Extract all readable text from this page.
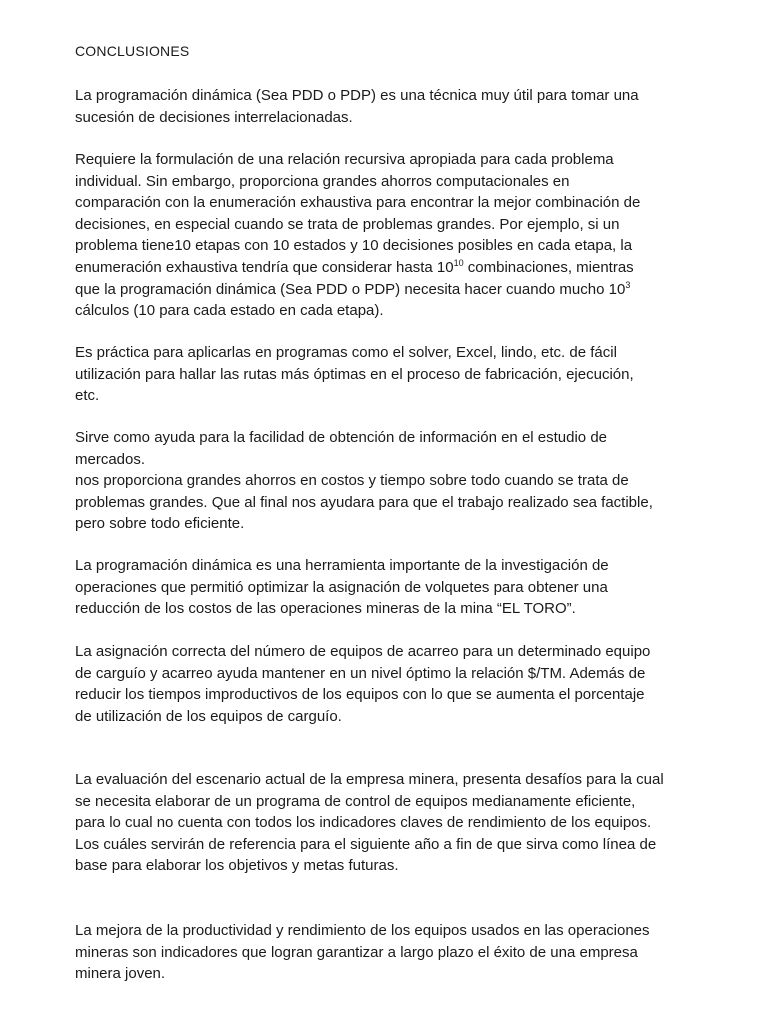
CONCLUSIONES

La programación dinámica (Sea PDD o PDP) es una técnica muy útil para tomar una
sucesión de decisiones interrelacionadas.

Requiere la formulación de una relación recursiva apropiada para cada problema
individual. Sin embargo, proporciona grandes ahorros computacionales en
comparación con la enumeración exhaustiva para encontrar la mejor combinación de
decisiones, en especial cuando se trata de problemas grandes. Por ejemplo, si un
problema tiene10 etapas con 10 estados y 10 decisiones posibles en cada etapa, la
enumeración exhaustiva tendría que considerar hasta $10^{10}$ combinaciones, mientras
que la programación dinámica (Sea PDD o PDP) necesita hacer cuando mucho $10^3$
cálculos (10 para cada estado en cada etapa).

Es práctica para aplicarlas en programas como el solver, Excel, lindo, etc. de fácil
utilización para hallar las rutas más óptimas en el proceso de fabricación, ejecución,
etc.

Sirve como ayuda para la facilidad de obtención de información en el estudio de
mercados.
nos proporciona grandes ahorros en costos y tiempo sobre todo cuando se trata de
problemas grandes. Que al final nos ayudara para que el trabajo realizado sea factible,
pero sobre todo eficiente.

La programación dinámica es una herramienta importante de la investigación de
operaciones que permitió optimizar la asignación de volquetes para obtener una
reducción de los costos de las operaciones mineras de la mina “EL TORO”.

La asignación correcta del número de equipos de acarreo para un determinado equipo
de carguío y acarreo ayuda mantener en un nivel óptimo la relación $/TM. Además de
reducir los tiempos improductivos de los equipos con lo que se aumenta el porcentaje
de utilización de los equipos de carguío.

La evaluación del escenario actual de la empresa minera, presenta desafíos para la cual
se necesita elaborar de un programa de control de equipos medianamente eficiente,
para lo cual no cuenta con todos los indicadores claves de rendimiento de los equipos.
Los cuáles servirán de referencia para el siguiente año a fin de que sirva como línea de
base para elaborar los objetivos y metas futuras.

La mejora de la productividad y rendimiento de los equipos usados en las operaciones
mineras son indicadores que logran garantizar a largo plazo el éxito de una empresa
minera joven.
